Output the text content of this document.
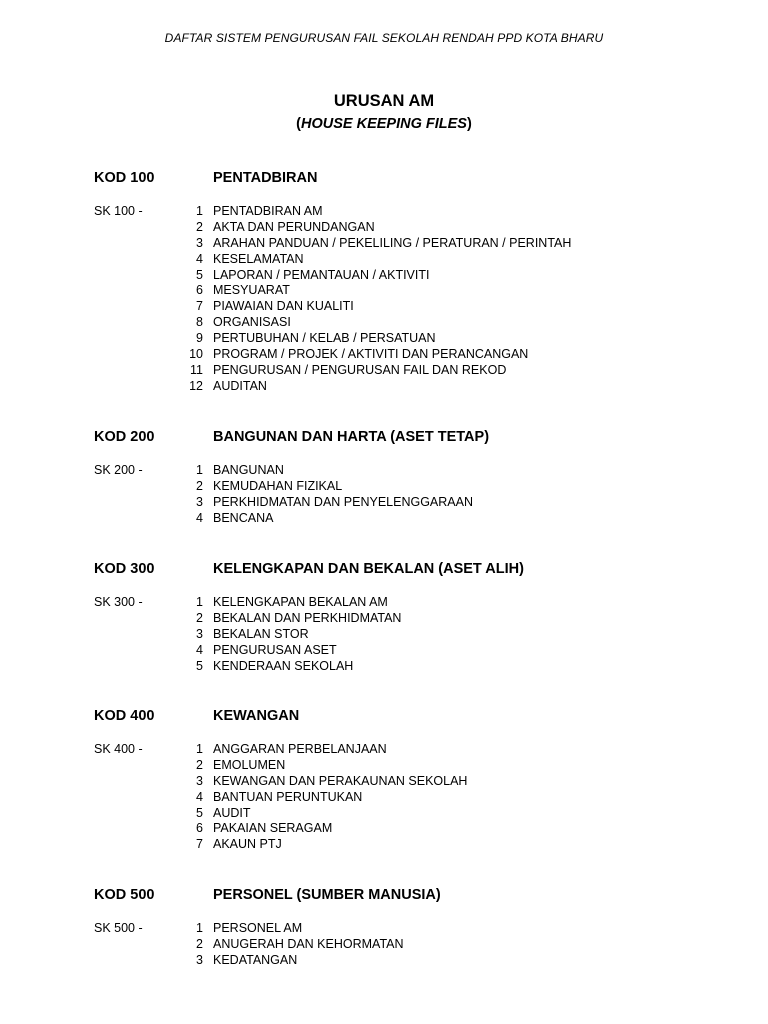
DAFTAR SISTEM PENGURUSAN FAIL SEKOLAH RENDAH PPD KOTA BHARU
URUSAN AM
(HOUSE KEEPING FILES)
KOD 100	PENTADBIRAN
SK 100 -	1 PENTADBIRAN AM
2 AKTA DAN PERUNDANGAN
3 ARAHAN PANDUAN / PEKELILING / PERATURAN / PERINTAH
4 KESELAMATAN
5 LAPORAN / PEMANTAUAN / AKTIVITI
6 MESYUARAT
7 PIAWAIAN DAN KUALITI
8 ORGANISASI
9 PERTUBUHAN / KELAB / PERSATUAN
10 PROGRAM / PROJEK / AKTIVITI DAN PERANCANGAN
11 PENGURUSAN / PENGURUSAN FAIL DAN REKOD
12 AUDITAN
KOD 200	BANGUNAN DAN HARTA (ASET TETAP)
SK 200 -	1 BANGUNAN
2 KEMUDAHAN FIZIKAL
3 PERKHIDMATAN DAN PENYELENGGARAAN
4 BENCANA
KOD 300	KELENGKAPAN DAN BEKALAN (ASET ALIH)
SK 300 -	1 KELENGKAPAN BEKALAN AM
2 BEKALAN DAN PERKHIDMATAN
3 BEKALAN STOR
4 PENGURUSAN ASET
5 KENDERAAN SEKOLAH
KOD 400	KEWANGAN
SK 400 -	1 ANGGARAN PERBELANJAAN
2 EMOLUMEN
3 KEWANGAN DAN PERAKAUNAN SEKOLAH
4 BANTUAN PERUNTUKAN
5 AUDIT
6 PAKAIAN SERAGAM
7 AKAUN PTJ
KOD 500	PERSONEL (SUMBER MANUSIA)
SK 500 -	1 PERSONEL AM
2 ANUGERAH DAN KEHORMATAN
3 KEDATANGAN
